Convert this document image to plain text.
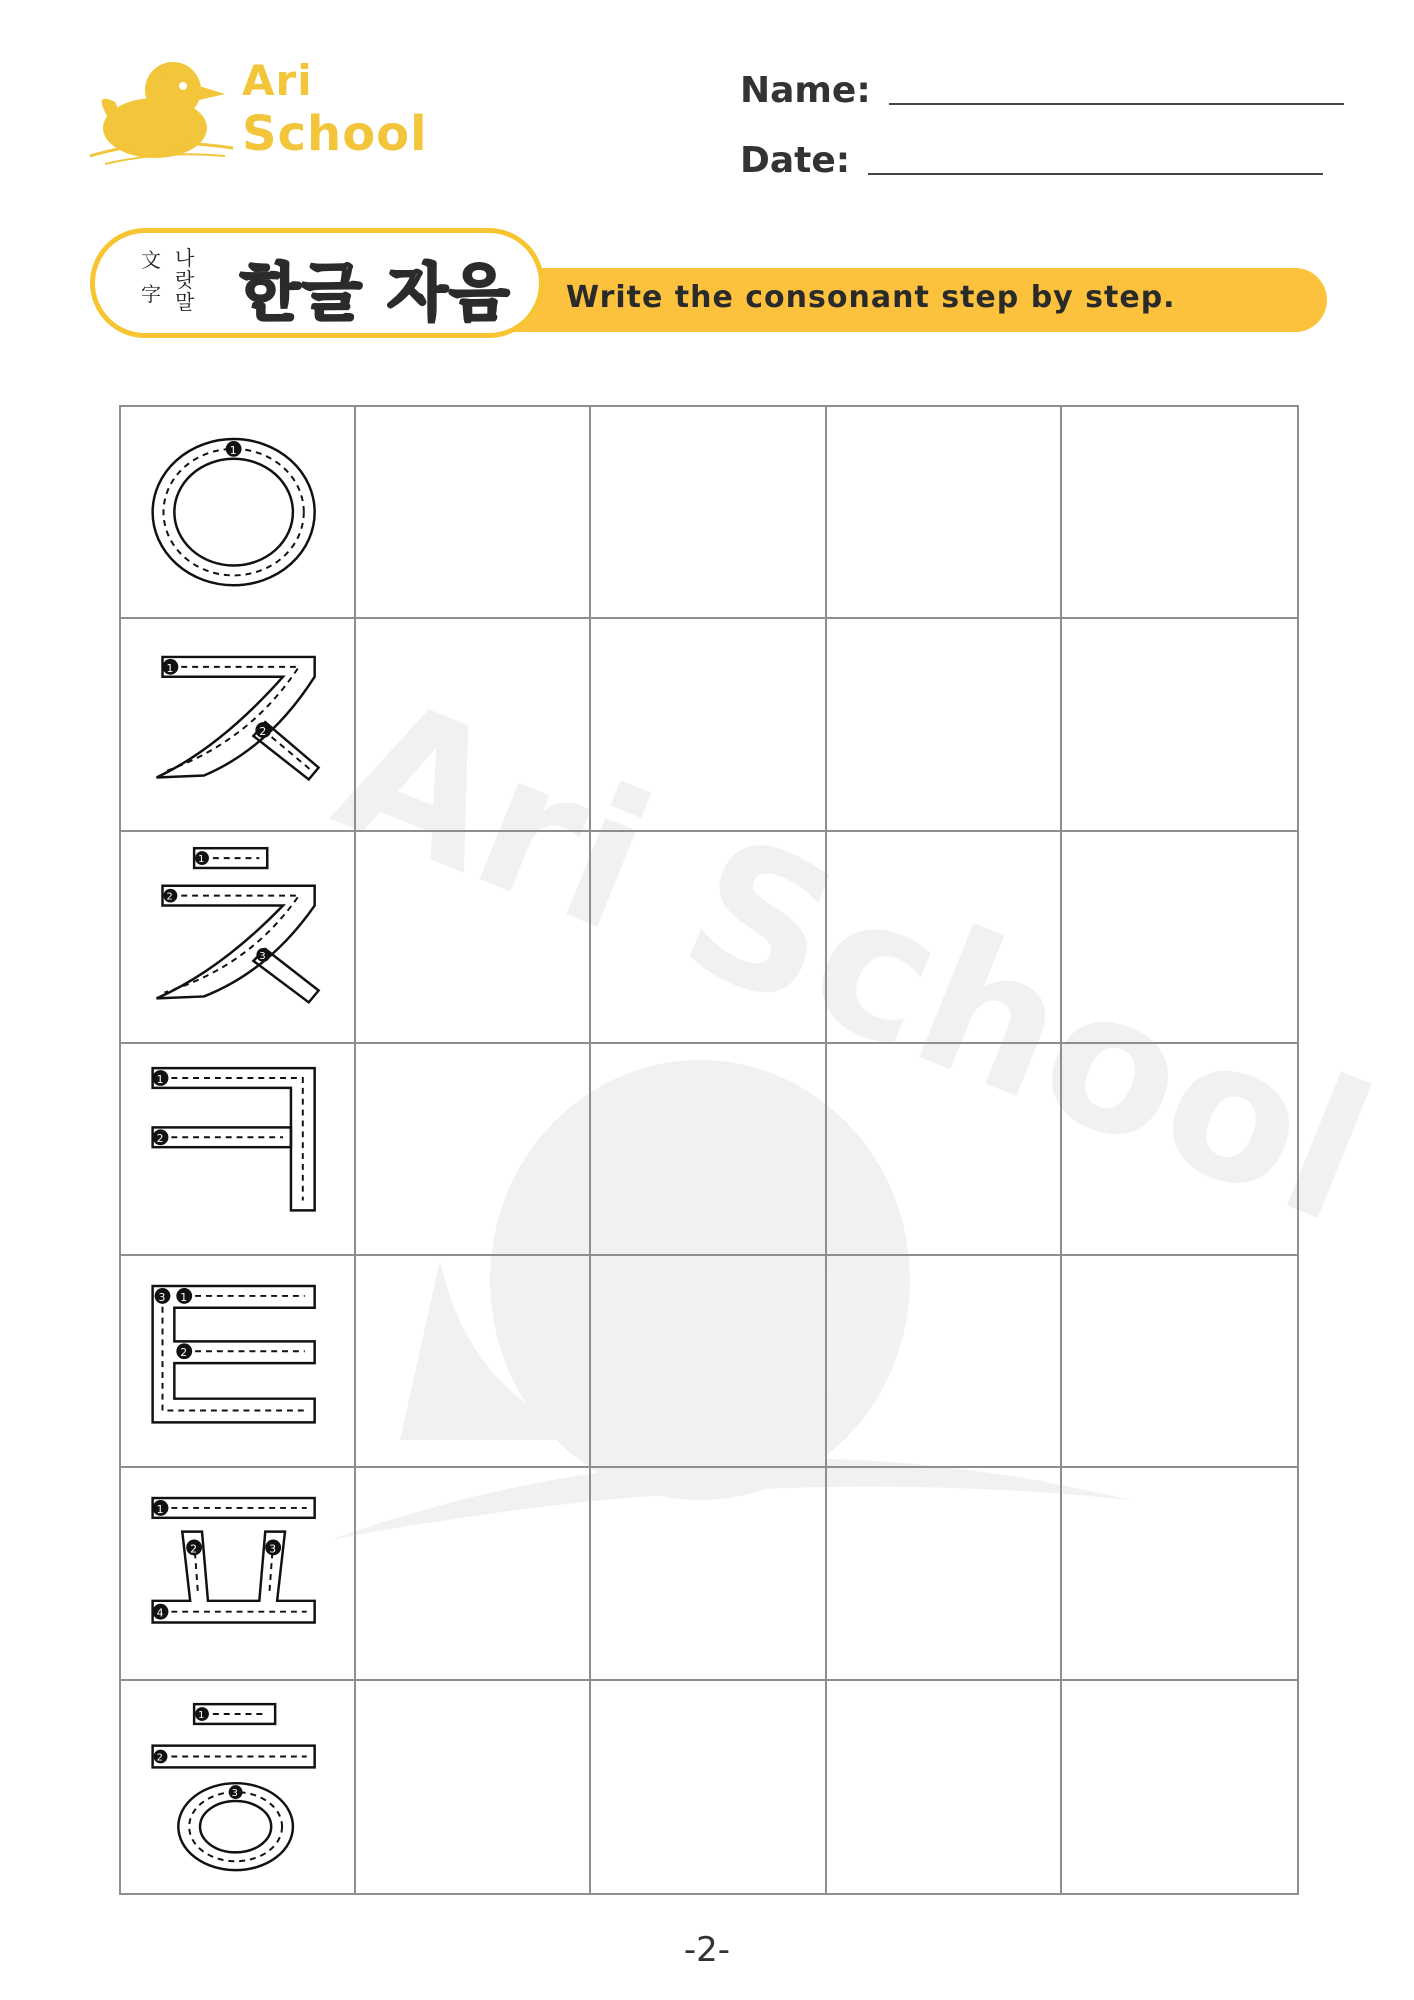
Ari School
Ari
School
Name:
Date:
Write the consonant step by step.
文
字
나
랏
말 한글 자음
1
1
2
1
2
3
1
2
3 1
2
1
2	3
4
1
2
3
-2-
